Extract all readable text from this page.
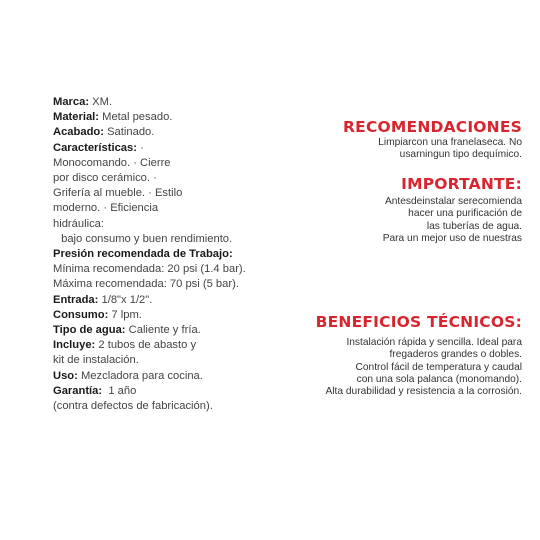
Marca: XM.
Material: Metal pesado.
Acabado: Satinado.
Características: ·
Monocomando. · Cierre
por disco cerámico. ·
Grifería al mueble. · Estilo
moderno. · Eficiencia
hidráulica:
bajo consumo y buen rendimiento.
Presión recomendada de Trabajo:
Mínima recomendada: 20 psi (1.4 bar).
Máxima recomendada: 70 psi (5 bar).
Entrada: 1/8"x 1/2".
Consumo: 7 lpm.
Tipo de agua: Caliente y fría.
Incluye: 2 tubos de abasto y
kit de instalación.
Uso: Mezcladora para cocina.
Garantía:  1 año
(contra defectos de fabricación).
RECOMENDACIONES
Limpiarcon una franelaseca. No
usarningun tipo dequímico.
IMPORTANTE:
Antesdeinstalar serecomienda
hacer una purificación de
las tuberías de agua.
Para un mejor uso de nuestras
BENEFICIOS TÉCNICOS:
Instalación rápida y sencilla. Ideal para
fregaderos grandes o dobles.
Control fácil de temperatura y caudal
con una sola palanca (monomando).
Alta durabilidad y resistencia a la corrosión.
